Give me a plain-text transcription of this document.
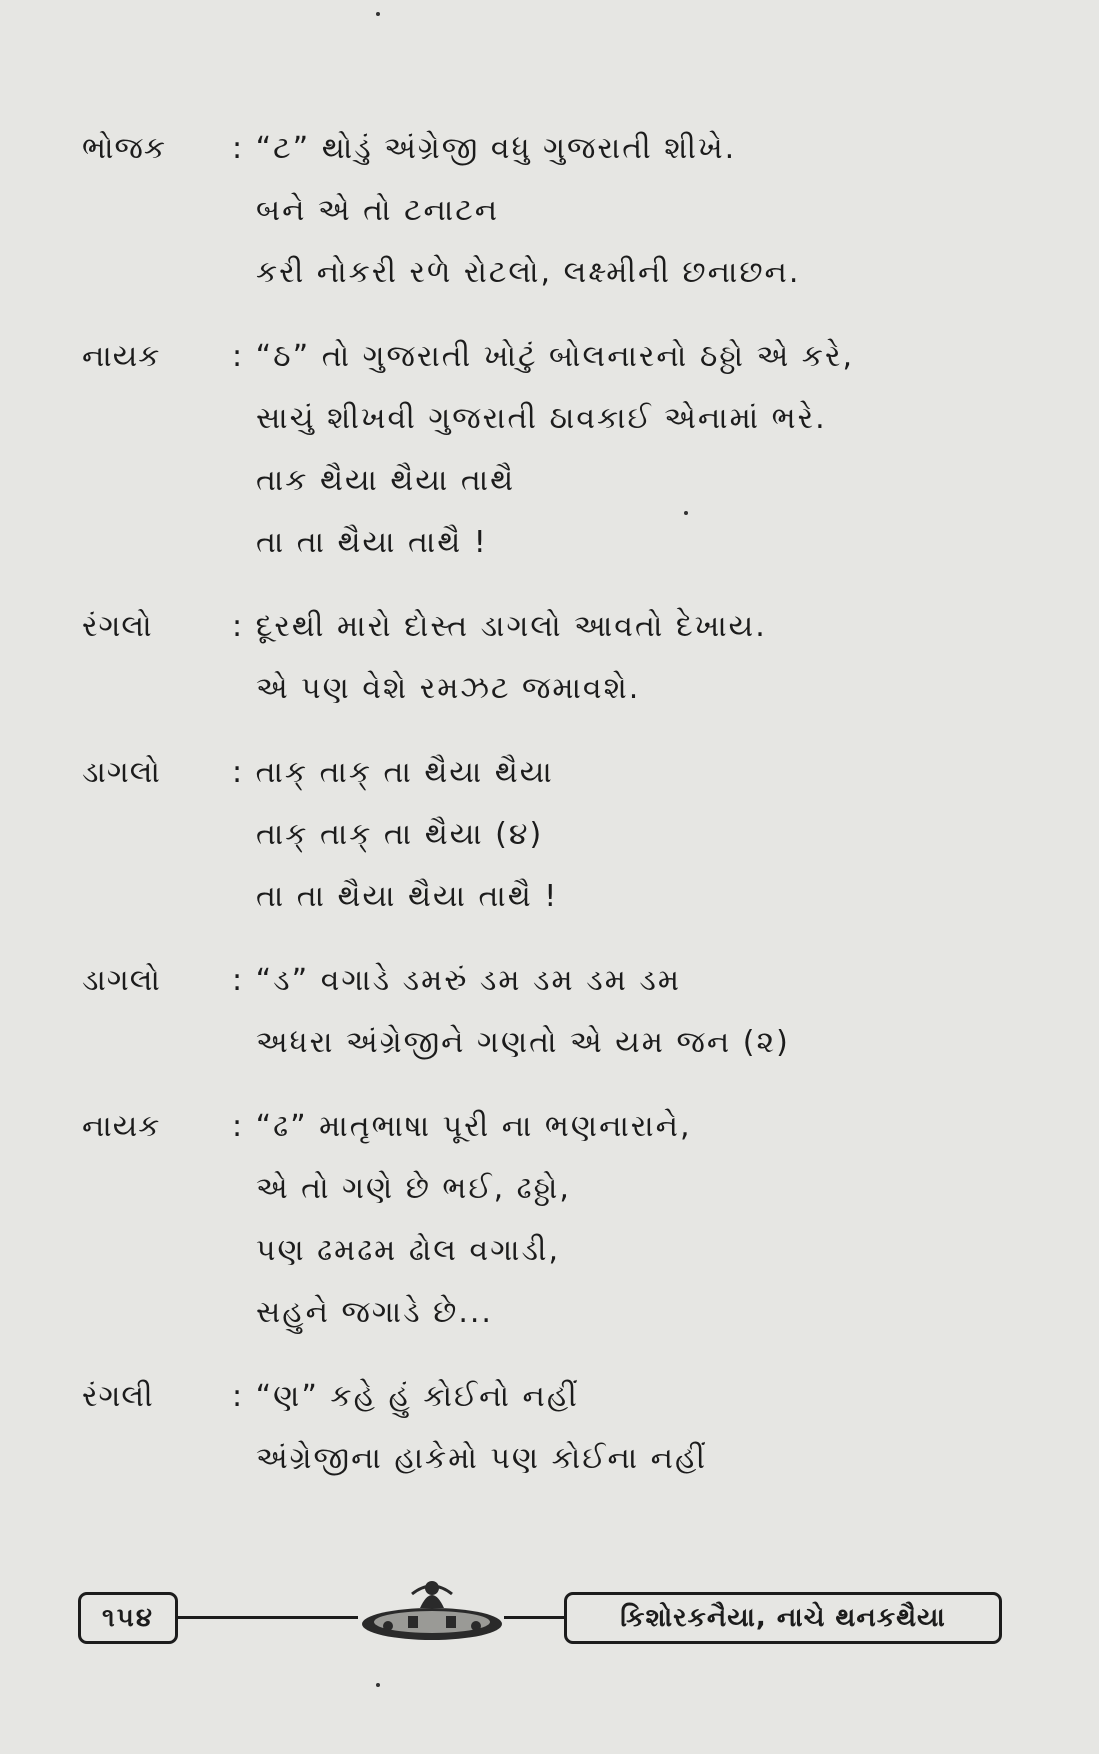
ભોજક	: “ટ” થોડું અંગ્રેજી વધુ ગુજરાતી શીખે.
બને એ તો ટનાટન
કરી નોકરી રળે રોટલો, લક્ષ્મીની છનાછન.
નાયક	: “ઠ” તો ગુજરાતી ખોટું બોલનારનો ઠઠ્ઠો એ કરે,
સાચું શીખવી ગુજરાતી ઠાવકાઈ એનામાં ભરે.
તાક થૈયા થૈયા તાથૈ
તા તા થૈયા તાથૈ !
રંગલો	: દૂરથી મારો દોસ્ત ડાગલો આવતો દેખાય.
એ પણ વેશે રમઝટ જમાવશે.
ડાગલો	: તાક્ તાક્ તા થૈયા થૈયા
તાક્ તાક્ તા થૈયા (૪)
તા તા થૈયા થૈયા તાથૈ !
ડાગલો	: “ડ” વગાડે ડમરું ડમ ડમ ડમ ડમ
અધરા અંગ્રેજીને ગણતો એ યમ જન (૨)
નાયક	: “ઢ” માતૃભાષા પૂરી ના ભણનારાને,
એ તો ગણે છે ભઈ, ઢઠ્ઠો,
પણ ઢમઢમ ઢોલ વગાડી,
સહુને જગાડે છે...
રંગલી	: “ણ” કહે હું કોઈનો નહીં
અંગ્રેજીના હાકેમો પણ કોઈના નહીં
૧૫૪	કિશોરકનૈયા, નાચે થનકથૈયા
